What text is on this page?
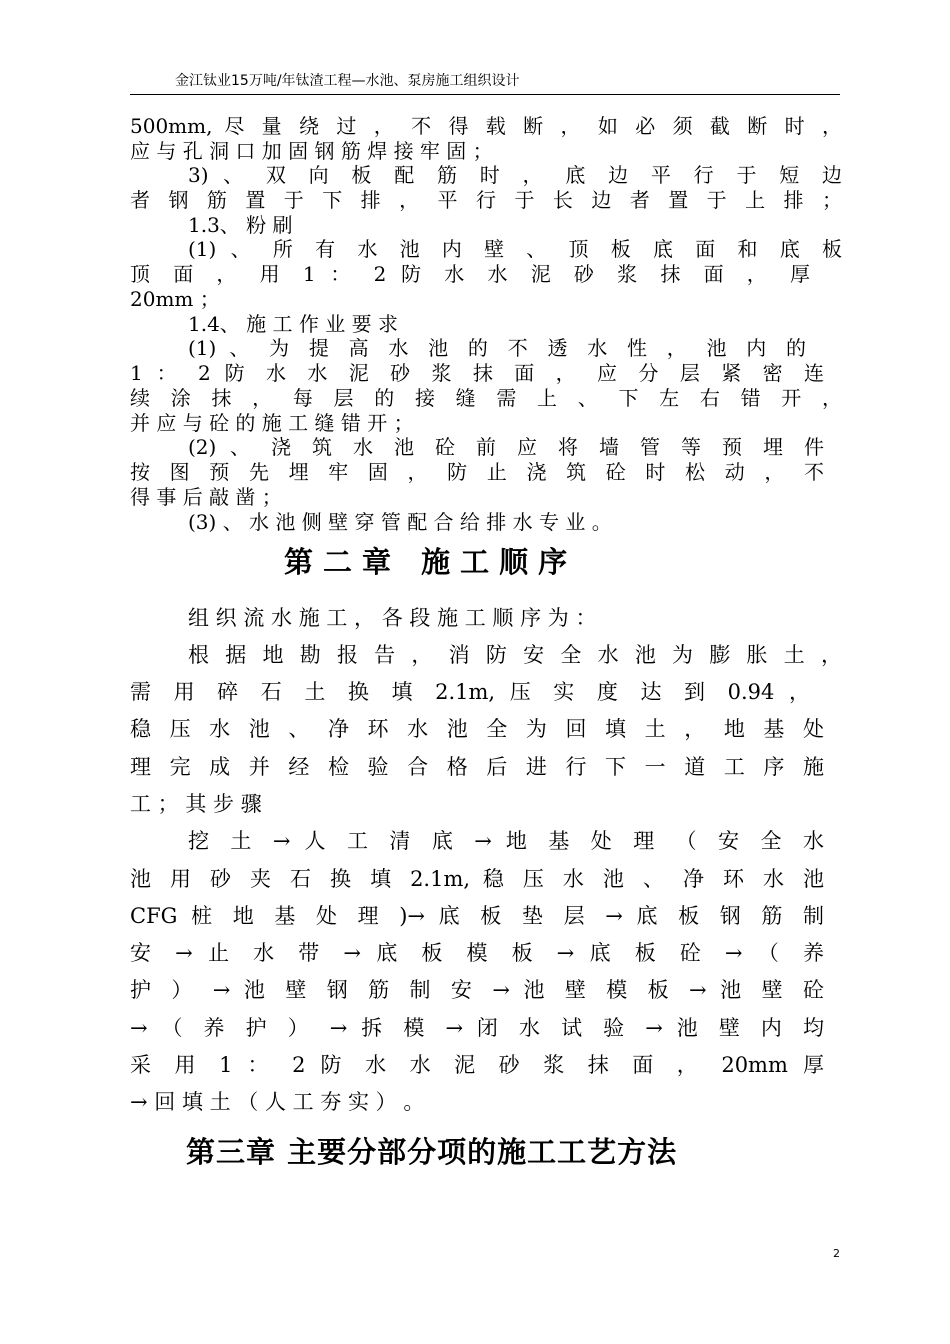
金江钛业15万吨/年钛渣工程—水池、泵房施工组织设计
500mm, 尽 量 绕 过 ， 不 得 载 断 ， 如 必 须 截 断 时 ，
应 与 孔 洞 口 加 固 钢 筋 焊 接 牢 固 ；
3) 、 双 向 板 配 筋 时 ， 底 边 平 行 于 短 边
者 钢 筋 置 于 下 排 ， 平 行 于 长 边 者 置 于 上 排 ；
1.3、 粉 刷
(1) 、 所 有 水 池 内 壁 、 顶 板 底 面 和 底 板
顶 面 ， 用 1 ： 2 防 水 水 泥 砂 浆 抹 面 ， 厚
20mm ；
1.4、 施 工 作 业 要 求
(1) 、 为 提 高 水 池 的 不 透 水 性 ， 池 内 的
1 ： 2 防 水 水 泥 砂 浆 抹 面 ， 应 分 层 紧 密 连
续 涂 抹 ， 每 层 的 接 缝 需 上 、 下 左 右 错 开 ，
并 应 与 砼 的 施 工 缝 错 开 ；
(2) 、 浇 筑 水 池 砼 前 应 将 墙 管 等 预 埋 件
按 图 预 先 埋 牢 固 ， 防 止 浇 筑 砼 时 松 动 ， 不
得 事 后 敲 凿 ；
(3) 、 水 池 侧 壁 穿 管 配 合 给 排 水 专 业 。
第二章 施工顺序
组 织 流 水 施 工 ， 各 段 施 工 顺 序 为 ：
根 据 地 勘 报 告 ， 消 防 安 全 水 池 为 膨 胀 土 ，
需 用 碎 石 土 换 填 2.1m, 压 实 度 达 到 0.94 ，
稳 压 水 池 、 净 环 水 池 全 为 回 填 土 ， 地 基 处
理 完 成 并 经 检 验 合 格 后 进 行 下 一 道 工 序 施
工 ； 其 步 骤
挖 土 → 人 工 清 底 → 地 基 处 理 （ 安 全 水
池 用 砂 夹 石 换 填 2.1m, 稳 压 水 池 、 净 环 水 池
CFG 桩 地 基 处 理 )→ 底 板 垫 层 → 底 板 钢 筋 制
安 → 止 水 带 → 底 板 模 板 → 底 板 砼 → （ 养
护 ） → 池 壁 钢 筋 制 安 → 池 壁 模 板 → 池 壁 砼
→ （ 养 护 ） → 拆 模 → 闭 水 试 验 → 池 壁 内 均
采 用 1 ： 2 防 水 水 泥 砂 浆 抹 面 ， 20mm 厚
→ 回 填 土 （ 人 工 夯 实 ） 。
第三章 主要分部分项的施工工艺方法
2
